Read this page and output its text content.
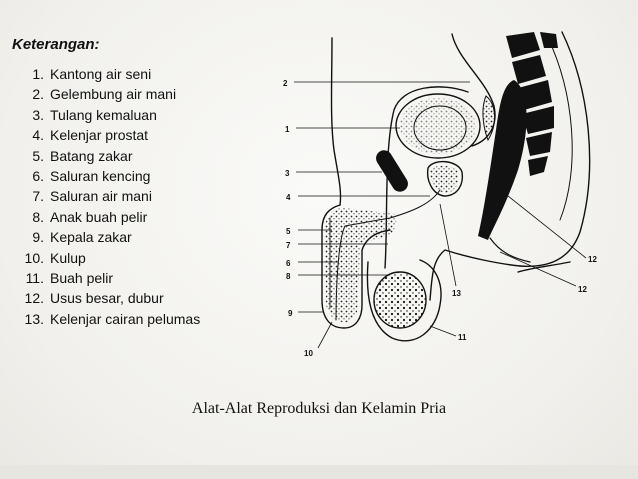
Keterangan:
1. Kantong air seni
2. Gelembung air mani
3. Tulang kemaluan
4. Kelenjar prostat
5. Batang zakar
6. Saluran kencing
7. Saluran air mani
8. Anak buah pelir
9. Kepala zakar
10. Kulup
11. Buah pelir
12. Usus besar, dubur
13. Kelenjar cairan pelumas
2
1
3
4
5
7
6
8
9
10
11
13
12
12
Alat-Alat Reproduksi dan Kelamin Pria
